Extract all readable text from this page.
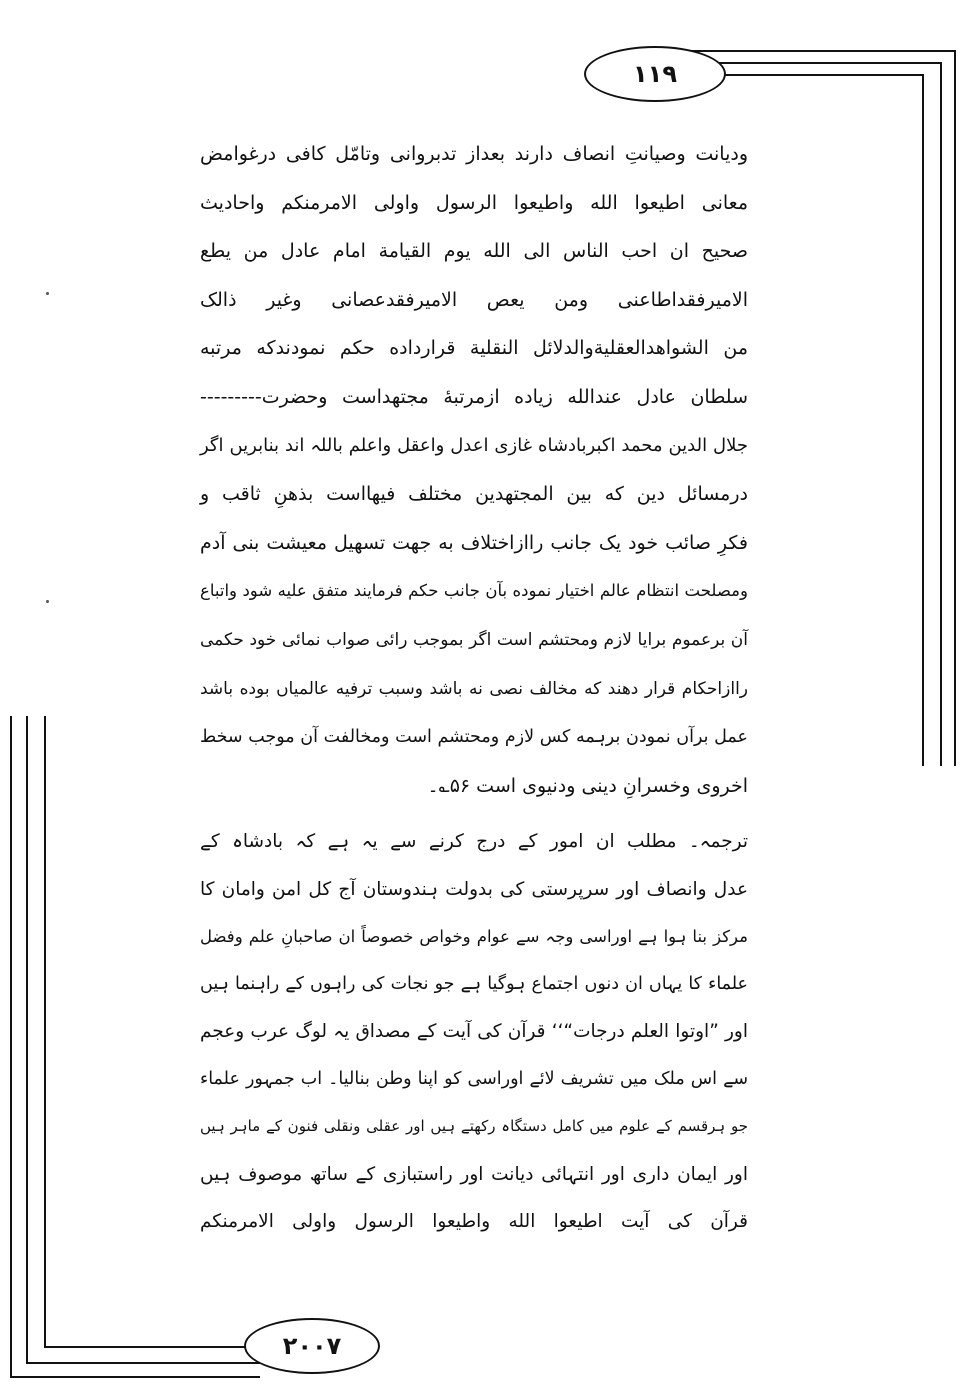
۱۱۹
۲۰۰۷

ودیانت وصیانتِ انصاف دارند بعداز تدبروانی وتامّل کافی درغوامض

معانی اطیعوا الله واطیعوا الرسول واولی الامرمنکم واحادیث

صحیح ان احب الناس الی الله یوم القیامة امام عادل من یطع

الامیرفقداطاعنی ومن یعص الامیرفقدعصانی وغیر ذالک

من الشواهدالعقلیةوالدلائل النقلیة قرارداده حکم نمودندکه مرتبه

سلطان عادل عندالله زیاده ازمرتبهٔ مجتهداست وحضرت---------

جلال الدین محمد اکبربادشاه غازی اعدل واعقل واعلم باللہ اند بنابریں اگر

درمسائل دین که بین المجتهدین مختلف فیهااست بذهنِ ثاقب و

فکرِ صائب خود یک جانب راازاختلاف به جهت تسهیل معیشت بنی آدم

ومصلحت انتظام عالم اختیار نموده بآن جانب حکم فرمایند متفق علیه شود واتباع

آن برعموم برایا لازم ومحتشم است اگر بموجب رائی صواب نمائی خود حکمی

راازاحکام قرار دهند که مخالف نصی نه باشد وسبب ترفیه عالمیاں بوده باشد

عمل برآں نمودن برہمه کس لازم ومحتشم است ومخالفت آن موجب سخط

اخروی وخسرانِ دینی ودنیوی است ۵۶؎۔

ترجمہ۔ مطلب ان امور کے درج کرنے سے یہ ہے کہ بادشاہ کے

عدل وانصاف اور سرپرستی کی بدولت ہندوستان آج کل امن وامان کا

مرکز بنا ہوا ہے اوراسی وجہ سے عوام وخواص خصوصاً ان صاحبانِ علم وفضل

علماء کا یہاں ان دنوں اجتماع ہوگیا ہے جو نجات کی راہوں کے راہنما ہیں

اور ”اوتوا العلم درجات“‘‘ قرآن کی آیت کے مصداق یہ لوگ عرب وعجم

سے اس ملک میں تشریف لائے اوراسی کو اپنا وطن بنالیا۔ اب جمہور علماء

جو ہرقسم کے علوم میں کامل دستگاہ رکھتے ہیں اور عقلی ونقلی فنون کے ماہر ہیں

اور ایمان داری اور انتہائی دیانت اور راستبازی کے ساتھ موصوف ہیں

قرآن کی آیت اطیعوا الله واطیعوا الرسول واولی الامرمنکم
